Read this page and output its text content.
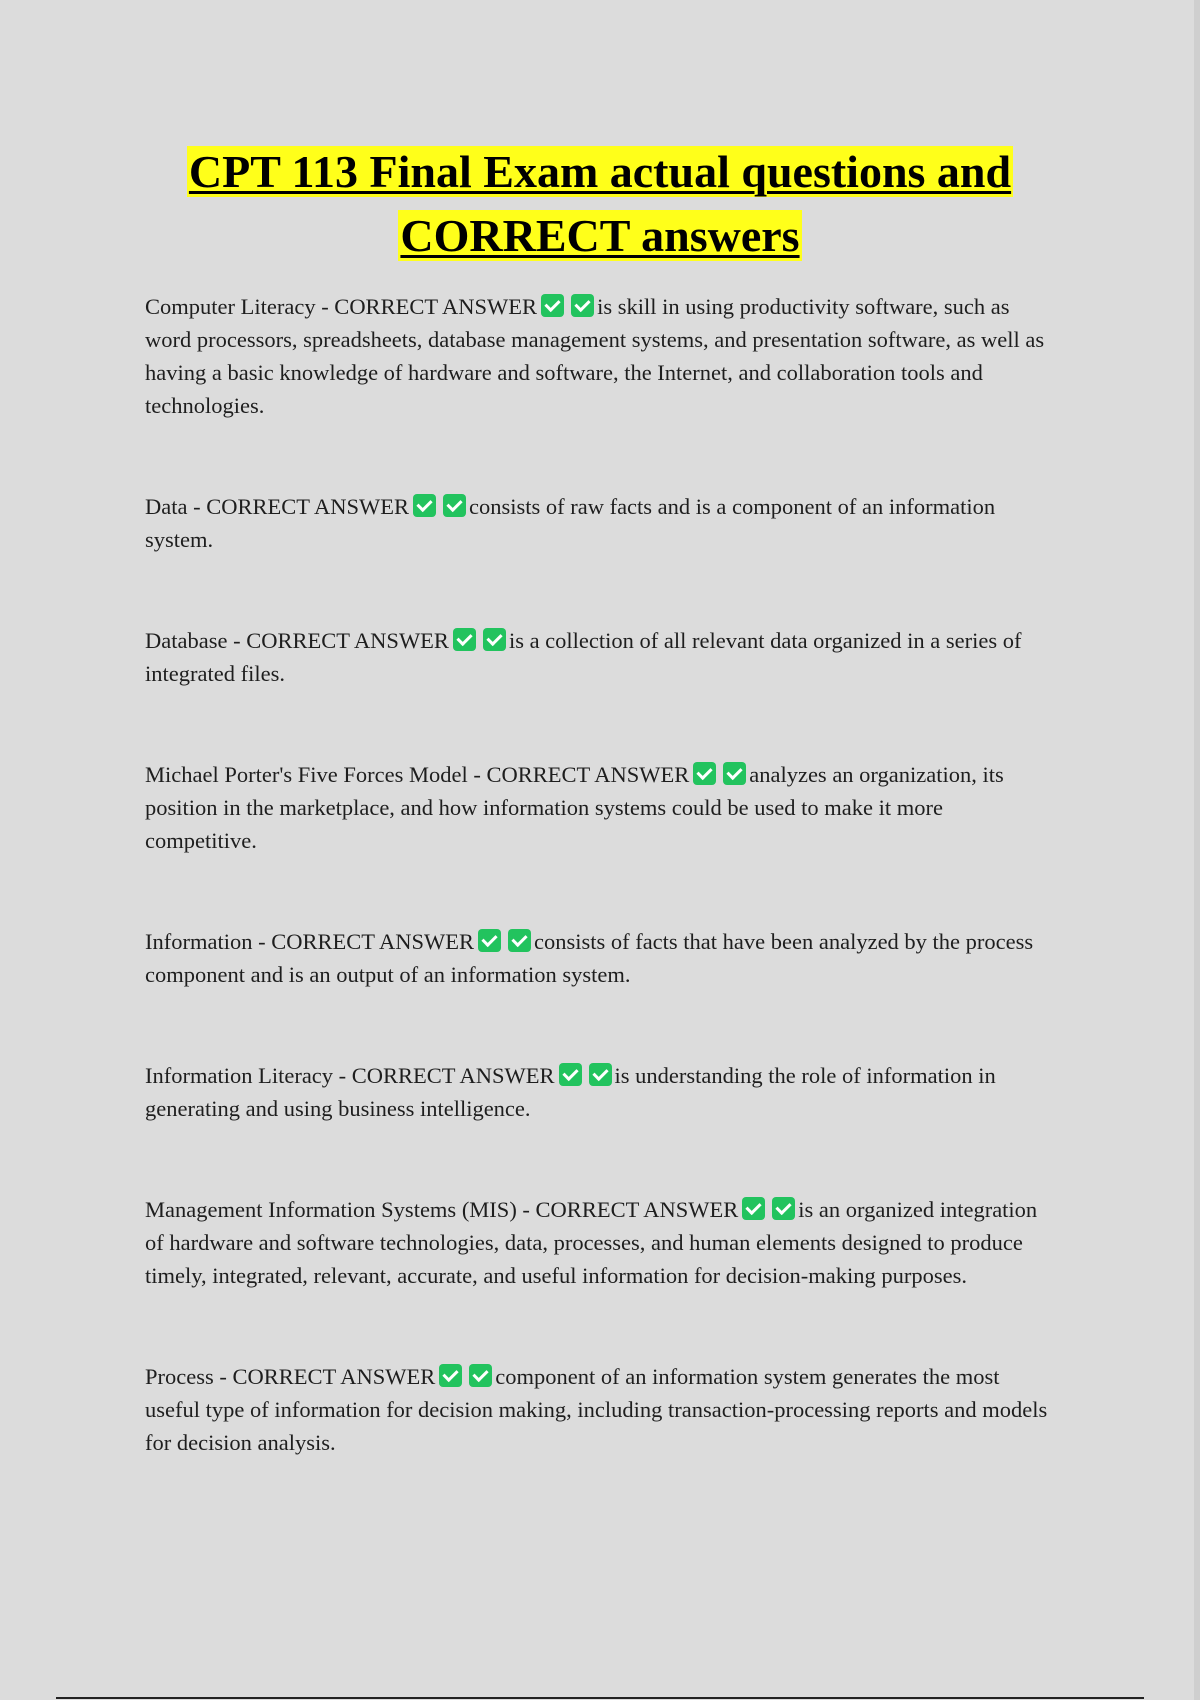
CPT 113 Final Exam actual questions and
CORRECT answers

Computer Literacy - CORRECT ANSWER	is skill in using productivity software, such as word processors, spreadsheets, database management systems, and presentation software, as well as having a basic knowledge of hardware and software, the Internet, and collaboration tools and technologies.

Data - CORRECT ANSWER	consists of raw facts and is a component of an information system.

Database - CORRECT ANSWER	is a collection of all relevant data organized in a series of integrated files.

Michael Porter's Five Forces Model - CORRECT ANSWER	analyzes an organization, its position in the marketplace, and how information systems could be used to make it more competitive.

Information - CORRECT ANSWER	consists of facts that have been analyzed by the process component and is an output of an information system.

Information Literacy - CORRECT ANSWER	is understanding the role of information in generating and using business intelligence.

Management Information Systems (MIS) - CORRECT ANSWER	is an organized integration of hardware and software technologies, data, processes, and human elements designed to produce timely, integrated, relevant, accurate, and useful information for decision-making purposes.

Process - CORRECT ANSWER	component of an information system generates the most useful type of information for decision making, including transaction-processing reports and models for decision analysis.
